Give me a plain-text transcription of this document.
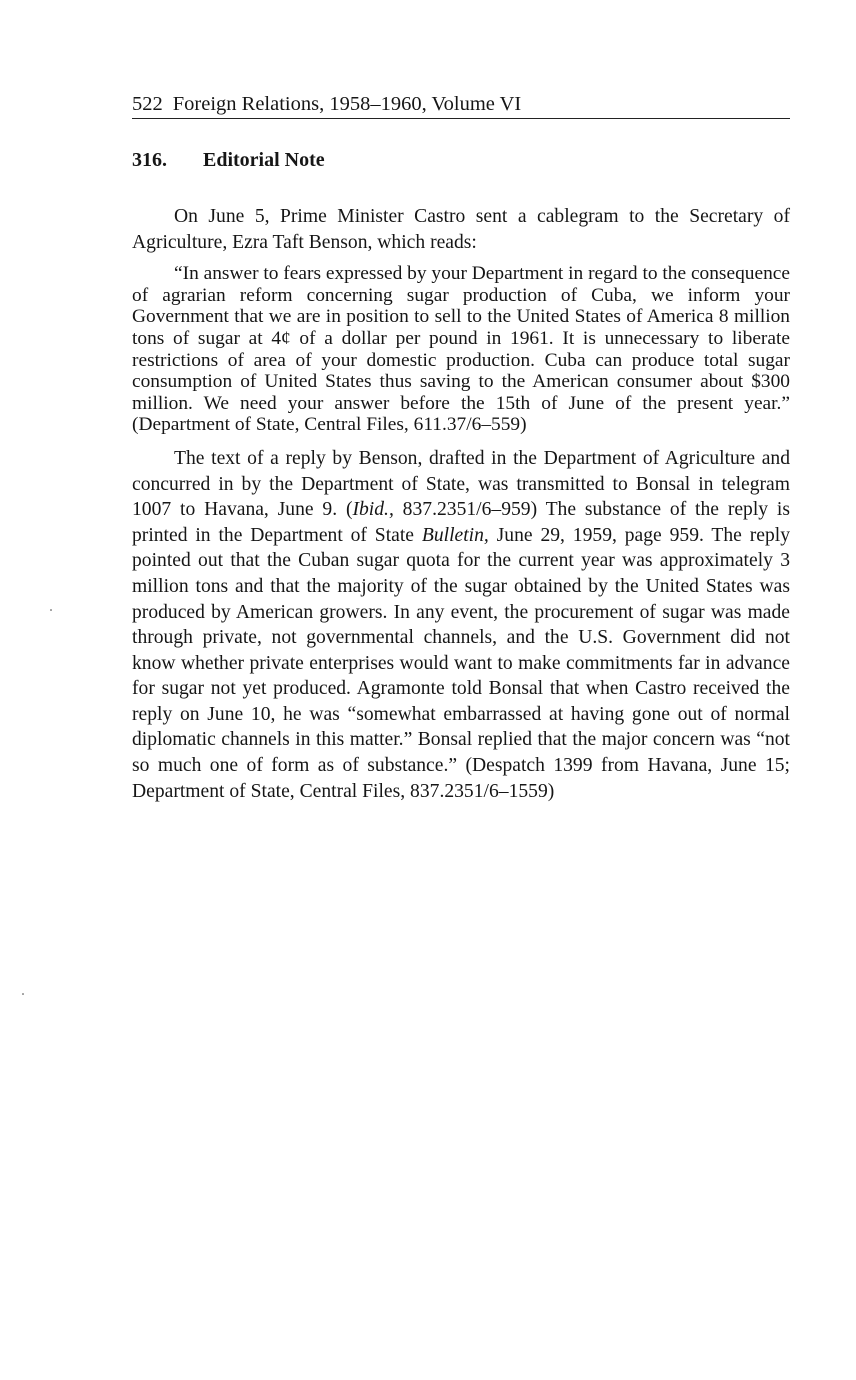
522 Foreign Relations, 1958–1960, Volume VI
316. Editorial Note

On June 5, Prime Minister Castro sent a cablegram to the Secretary of Agriculture, Ezra Taft Benson, which reads:

“In answer to fears expressed by your Department in regard to the consequence of agrarian reform concerning sugar production of Cuba, we inform your Government that we are in position to sell to the United States of America 8 million tons of sugar at 4¢ of a dollar per pound in 1961. It is unnecessary to liberate restrictions of area of your domestic production. Cuba can produce total sugar consumption of United States thus saving to the American consumer about $300 million. We need your answer before the 15th of June of the present year.” (Department of State, Central Files, 611.37/6–559)

The text of a reply by Benson, drafted in the Department of Agriculture and concurred in by the Department of State, was transmitted to Bonsal in telegram 1007 to Havana, June 9. (Ibid., 837.2351/6–959) The substance of the reply is printed in the Department of State Bulletin, June 29, 1959, page 959. The reply pointed out that the Cuban sugar quota for the current year was approximately 3 million tons and that the majority of the sugar obtained by the United States was produced by American growers. In any event, the procurement of sugar was made through private, not governmental channels, and the U.S. Government did not know whether private enterprises would want to make commitments far in advance for sugar not yet produced. Agramonte told Bonsal that when Castro received the reply on June 10, he was “somewhat embarrassed at having gone out of normal diplomatic channels in this matter.” Bonsal replied that the major concern was “not so much one of form as of substance.” (Despatch 1399 from Havana, June 15; Department of State, Central Files, 837.2351/6–1559)
